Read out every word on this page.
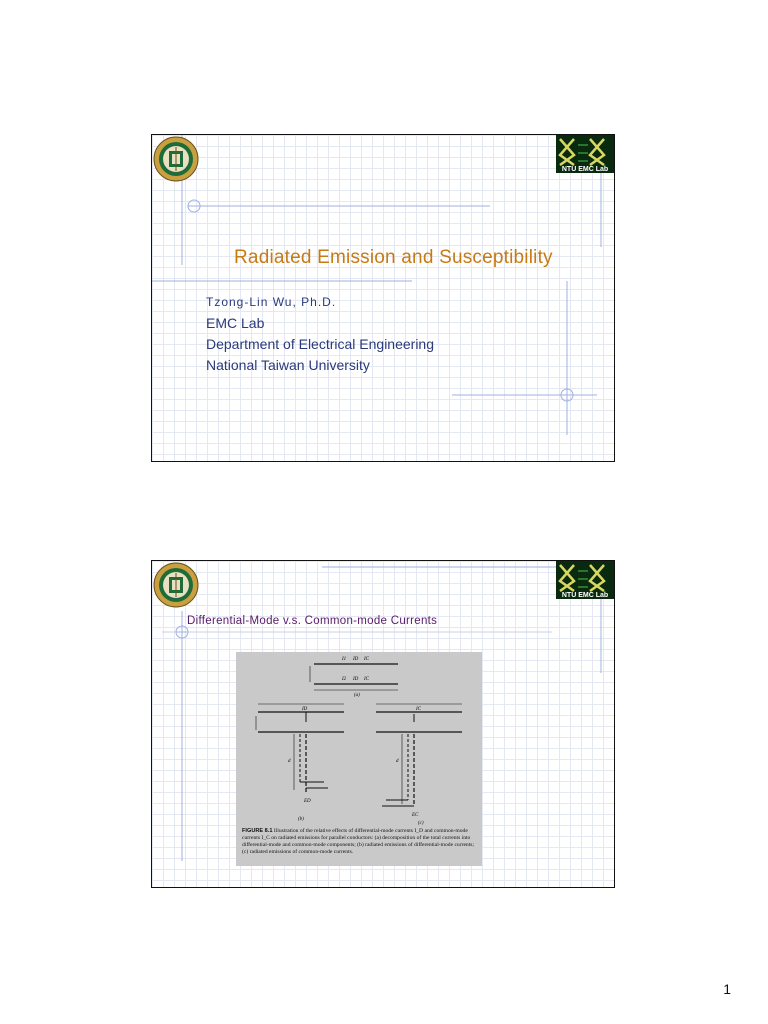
NTU EMC Lab
Radiated Emission and Susceptibility
Tzong-Lin Wu, Ph.D.
EMC Lab
Department of Electrical Engineering
National Taiwan University
NTU EMC Lab
Differential-Mode v.s. Common-mode Currents
I1 ID IC
I2 ID IC
(a)
ID
d
ED
(b)
IC
d
EC
(c)
FIGURE 8.1 Illustration of the relative effects of differential-mode currents I_D and common-mode currents I_C on radiated emissions for parallel conductors: (a) decomposition of the total currents into differential-mode and common-mode components; (b) radiated emissions of differential-mode currents; (c) radiated emissions of common-mode currents.
1
